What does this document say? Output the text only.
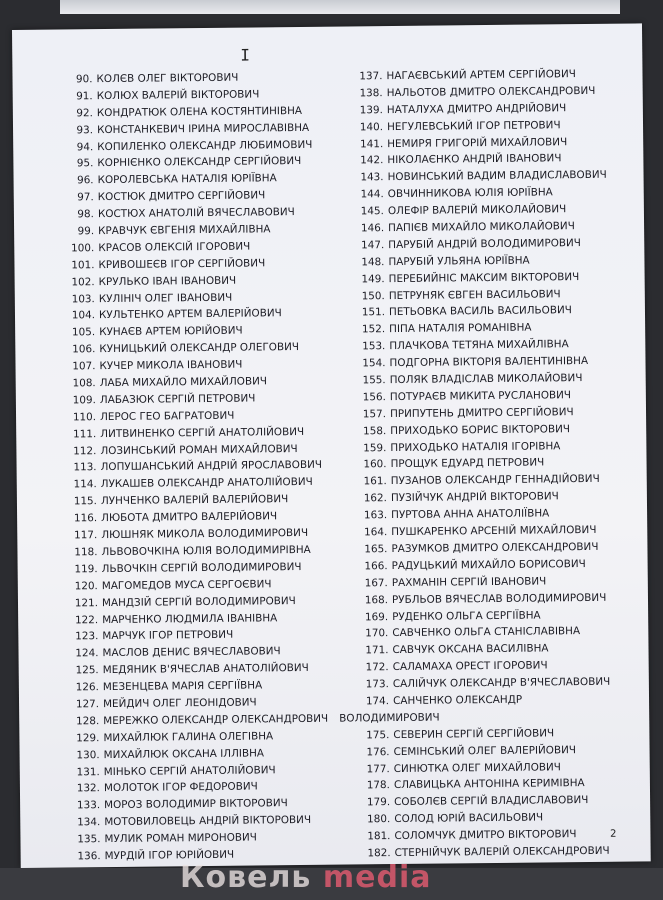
I
90. КОЛЄВ ОЛЕГ ВІКТОРОВИЧ
91. КОЛЮХ ВАЛЕРІЙ ВІКТОРОВИЧ
92. КОНДРАТЮК ОЛЕНА КОСТЯНТИНІВНА
93. КОНСТАНКЕВИЧ ІРИНА МИРОСЛАВІВНА
94. КОПИЛЕНКО ОЛЕКСАНДР ЛЮБИМОВИЧ
95. КОРНІЄНКО ОЛЕКСАНДР СЕРГІЙОВИЧ
96. КОРОЛЕВСЬКА НАТАЛІЯ ЮРІЇВНА
97. КОСТЮК ДМИТРО СЕРГІЙОВИЧ
98. КОСТЮХ АНАТОЛІЙ ВЯЧЕСЛАВОВИЧ
99. КРАВЧУК ЄВГЕНІЯ МИХАЙЛІВНА
100. КРАСОВ ОЛЕКСІЙ ІГОРОВИЧ
101. КРИВОШЕЄВ ІГОР СЕРГІЙОВИЧ
102. КРУЛЬКО ІВАН ІВАНОВИЧ
103. КУЛІНІЧ ОЛЕГ ІВАНОВИЧ
104. КУЛЬТЕНКО АРТЕМ ВАЛЕРІЙОВИЧ
105. КУНАЄВ АРТЕМ ЮРІЙОВИЧ
106. КУНИЦЬКИЙ ОЛЕКСАНДР ОЛЕГОВИЧ
107. КУЧЕР МИКОЛА ІВАНОВИЧ
108. ЛАБА МИХАЙЛО МИХАЙЛОВИЧ
109. ЛАБАЗЮК СЕРГІЙ ПЕТРОВИЧ
110. ЛЕРОС ГЕО БАГРАТОВИЧ
111. ЛИТВИНЕНКО СЕРГІЙ АНАТОЛІЙОВИЧ
112. ЛОЗИНСЬКИЙ РОМАН МИХАЙЛОВИЧ
113. ЛОПУШАНСЬКИЙ АНДРІЙ ЯРОСЛАВОВИЧ
114. ЛУКАШЕВ ОЛЕКСАНДР АНАТОЛІЙОВИЧ
115. ЛУНЧЕНКО ВАЛЕРІЙ ВАЛЕРІЙОВИЧ
116. ЛЮБОТА ДМИТРО ВАЛЕРІЙОВИЧ
117. ЛЮШНЯК МИКОЛА ВОЛОДИМИРОВИЧ
118. ЛЬВОВОЧКІНА ЮЛІЯ ВОЛОДИМИРІВНА
119. ЛЬВОЧКІН СЕРГІЙ ВОЛОДИМИРОВИЧ
120. МАГОМЕДОВ МУСА СЕРГОЄВИЧ
121. МАНДЗІЙ СЕРГІЙ ВОЛОДИМИРОВИЧ
122. МАРЧЕНКО ЛЮДМИЛА ІВАНІВНА
123. МАРЧУК ІГОР ПЕТРОВИЧ
124. МАСЛОВ ДЕНИС ВЯЧЕСЛАВОВИЧ
125. МЕДЯНИК В'ЯЧЕСЛАВ АНАТОЛІЙОВИЧ
126. МЕЗЕНЦЕВА МАРІЯ СЕРГІЇВНА
127. МЕЙДИЧ ОЛЕГ ЛЕОНІДОВИЧ
128. МЕРЕЖКО ОЛЕКСАНДР ОЛЕКСАНДРОВИЧ
129. МИХАЙЛЮК ГАЛИНА ОЛЕГІВНА
130. МИХАЙЛЮК ОКСАНА ІЛЛІВНА
131. МІНЬКО СЕРГІЙ АНАТОЛІЙОВИЧ
132. МОЛОТОК ІГОР ФЕДОРОВИЧ
133. МОРОЗ ВОЛОДИМИР ВІКТОРОВИЧ
134. МОТОВИЛОВЕЦЬ АНДРІЙ ВІКТОРОВИЧ
135. МУЛИК РОМАН МИРОНОВИЧ
136. МУРДІЙ ІГОР ЮРІЙОВИЧ
137. НАГАЄВСЬКИЙ АРТЕМ СЕРГІЙОВИЧ
138. НАЛЬОТОВ ДМИТРО ОЛЕКСАНДРОВИЧ
139. НАТАЛУХА ДМИТРО АНДРІЙОВИЧ
140. НЕГУЛЕВСЬКИЙ ІГОР ПЕТРОВИЧ
141. НЕМИРЯ ГРИГОРІЙ МИХАЙЛОВИЧ
142. НІКОЛАЄНКО АНДРІЙ ІВАНОВИЧ
143. НОВИНСЬКИЙ ВАДИМ ВЛАДИСЛАВОВИЧ
144. ОВЧИННИКОВА ЮЛІЯ ЮРІЇВНА
145. ОЛЕФІР ВАЛЕРІЙ МИКОЛАЙОВИЧ
146. ПАПІЄВ МИХАЙЛО МИКОЛАЙОВИЧ
147. ПАРУБІЙ АНДРІЙ ВОЛОДИМИРОВИЧ
148. ПАРУБІЙ УЛЬЯНА ЮРІЇВНА
149. ПЕРЕБИЙНІС МАКСИМ ВІКТОРОВИЧ
150. ПЕТРУНЯК ЄВГЕН ВАСИЛЬОВИЧ
151. ПЕТЬОВКА ВАСИЛЬ ВАСИЛЬОВИЧ
152. ПІПА НАТАЛІЯ РОМАНІВНА
153. ПЛАЧКОВА ТЕТЯНА МИХАЙЛІВНА
154. ПОДГОРНА ВІКТОРІЯ ВАЛЕНТИНІВНА
155. ПОЛЯК ВЛАДІСЛАВ МИКОЛАЙОВИЧ
156. ПОТУРАЄВ МИКИТА РУСЛАНОВИЧ
157. ПРИПУТЕНЬ ДМИТРО СЕРГІЙОВИЧ
158. ПРИХОДЬКО БОРИС ВІКТОРОВИЧ
159. ПРИХОДЬКО НАТАЛІЯ ІГОРІВНА
160. ПРОЩУК ЕДУАРД ПЕТРОВИЧ
161. ПУЗАНОВ ОЛЕКСАНДР ГЕННАДІЙОВИЧ
162. ПУЗІЙЧУК АНДРІЙ ВІКТОРОВИЧ
163. ПУРТОВА АННА АНАТОЛІЇВНА
164. ПУШКАРЕНКО АРСЕНІЙ МИХАЙЛОВИЧ
165. РАЗУМКОВ ДМИТРО ОЛЕКСАНДРОВИЧ
166. РАДУЦЬКИЙ МИХАЙЛО БОРИСОВИЧ
167. РАХМАНІН СЕРГІЙ ІВАНОВИЧ
168. РУБЛЬОВ ВЯЧЕСЛАВ ВОЛОДИМИРОВИЧ
169. РУДЕНКО ОЛЬГА СЕРГІЇВНА
170. САВЧЕНКО ОЛЬГА СТАНІСЛАВІВНА
171. САВЧУК ОКСАНА ВАСИЛІВНА
172. САЛАМАХА ОРЕСТ ІГОРОВИЧ
173. САЛІЙЧУК ОЛЕКСАНДР В'ЯЧЕСЛАВОВИЧ
174. САНЧЕНКО ОЛЕКСАНДР
ВОЛОДИМИРОВИЧ
175. СЕВЕРИН СЕРГІЙ СЕРГІЙОВИЧ
176. СЕМІНСЬКИЙ ОЛЕГ ВАЛЕРІЙОВИЧ
177. СИНЮТКА ОЛЕГ МИХАЙЛОВИЧ
178. СЛАВИЦЬКА АНТОНІНА КЕРИМІВНА
179. СОБОЛЄВ СЕРГІЙ ВЛАДИСЛАВОВИЧ
180. СОЛОД ЮРІЙ ВАСИЛЬОВИЧ
181. СОЛОМЧУК ДМИТРО ВІКТОРОВИЧ
182. СТЕРНІЙЧУК ВАЛЕРІЙ ОЛЕКСАНДРОВИЧ
2
Ковель media
